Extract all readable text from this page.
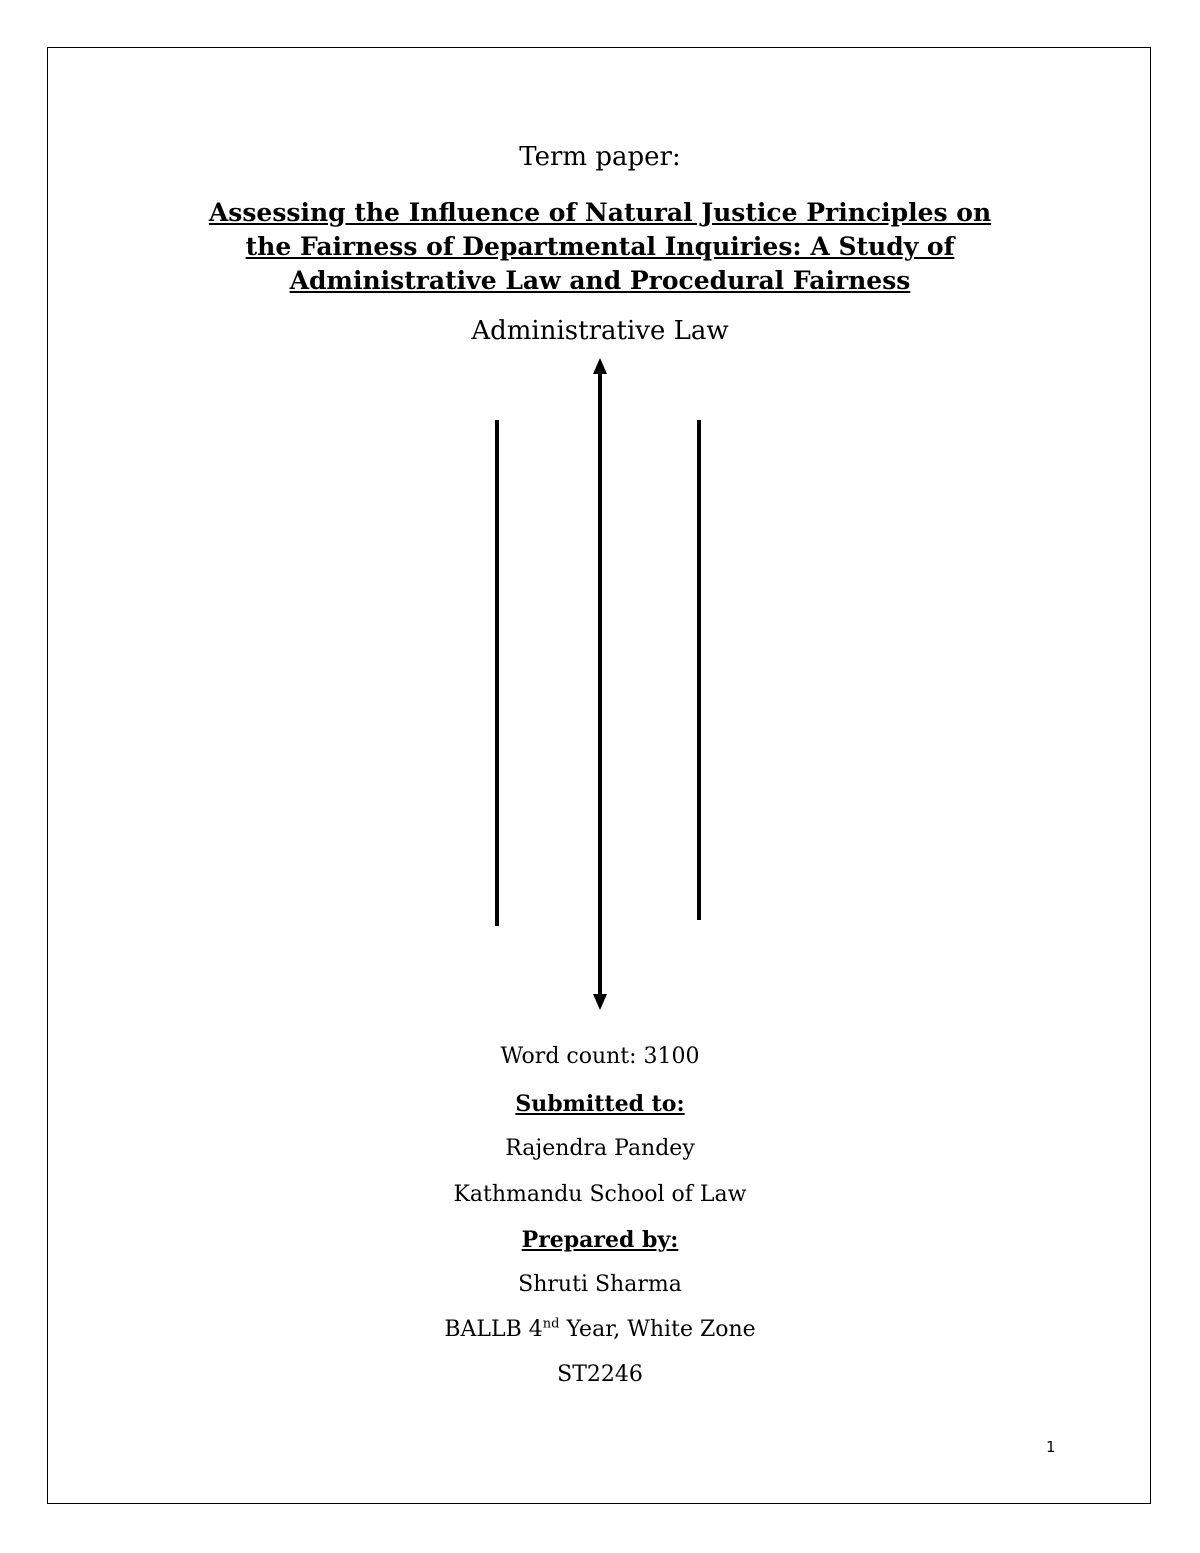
Term paper:

Assessing the Influence of Natural Justice Principles on
the Fairness of Departmental Inquiries: A Study of
Administrative Law and Procedural Fairness

Administrative Law

Word count: 3100

Submitted to:

Rajendra Pandey

Kathmandu School of Law

Prepared by:

Shruti Sharma

BALLB 4nd Year, White Zone

ST2246

1
